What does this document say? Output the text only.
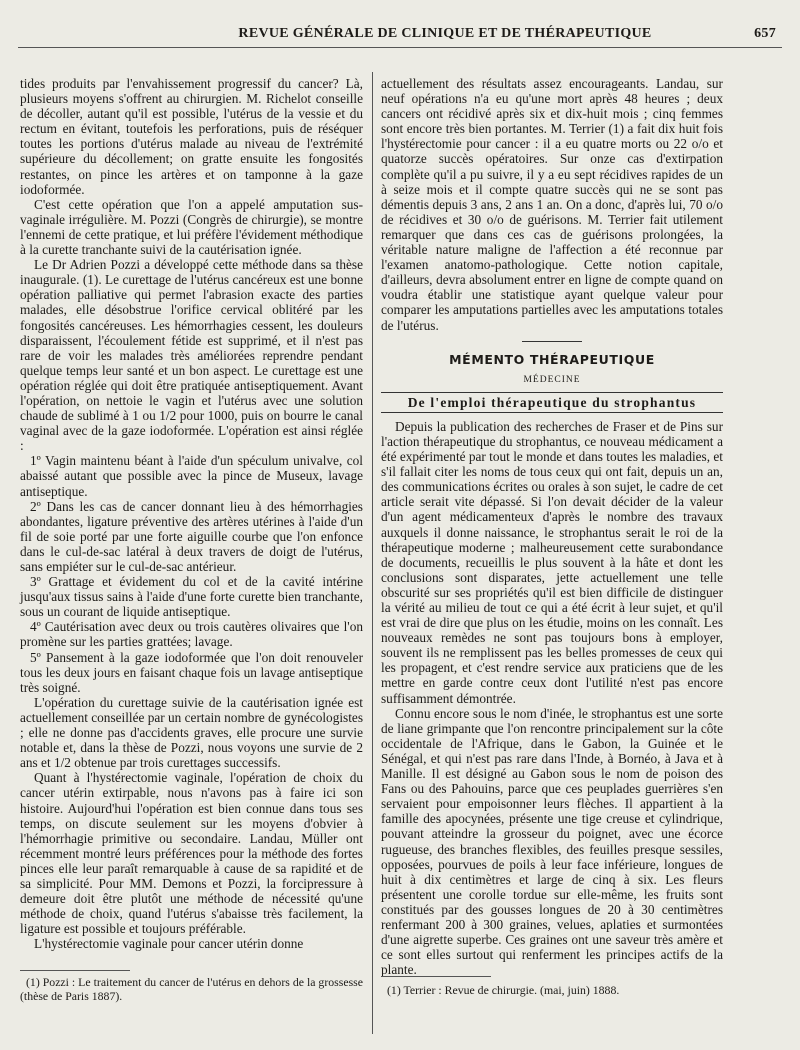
REVUE GÉNÉRALE DE CLINIQUE ET DE THÉRAPEUTIQUE	657

tides produits par l'envahissement progressif du cancer? Là, plusieurs moyens s'offrent au chirurgien. M. Richelot conseille de décoller, autant qu'il est possible, l'utérus de la vessie et du rectum en évitant, toutefois les perforations, puis de réséquer toutes les portions d'utérus malade au niveau de l'extrémité supérieure du décollement; on gratte ensuite les fongosités restantes, on pince les artères et on tamponne à la gaze iodoformée.

C'est cette opération que l'on a appelé amputation sus-vaginale irrégulière. M. Pozzi (Congrès de chirurgie), se montre l'ennemi de cette pratique, et lui préfère l'évidement méthodique à la curette tranchante suivi de la cautérisation ignée.

Le Dr Adrien Pozzi a développé cette méthode dans sa thèse inaugurale. (1). Le curettage de l'utérus cancéreux est une bonne opération palliative qui permet l'abrasion exacte des parties malades, elle désobstrue l'orifice cervical oblitéré par les fongosités cancéreuses. Les hémorrhagies cessent, les douleurs disparaissent, l'écoulement fétide est supprimé, et il n'est pas rare de voir les malades très améliorées reprendre pendant quelque temps leur santé et un bon aspect. Le curettage est une opération réglée qui doit être pratiquée antiseptiquement. Avant l'opération, on nettoie le vagin et l'utérus avec une solution chaude de sublimé à 1 ou 1/2 pour 1000, puis on bourre le canal vaginal avec de la gaze iodoformée. L'opération est ainsi réglée :

1º Vagin maintenu béant à l'aide d'un spéculum univalve, col abaissé autant que possible avec la pince de Museux, lavage antiseptique.

2º Dans les cas de cancer donnant lieu à des hémorrhagies abondantes, ligature préventive des artères utérines à l'aide d'un fil de soie porté par une forte aiguille courbe que l'on enfonce dans le cul-de-sac latéral à deux travers de doigt de l'utérus, sans empiéter sur le cul-de-sac antérieur.

3º Grattage et évidement du col et de la cavité intérine jusqu'aux tissus sains à l'aide d'une forte curette bien tranchante, sous un courant de liquide antiseptique.

4º Cautérisation avec deux ou trois cautères olivaires que l'on promène sur les parties grattées; lavage.

5º Pansement à la gaze iodoformée que l'on doit renouveler tous les deux jours en faisant chaque fois un lavage antiseptique très soigné.

L'opération du curettage suivie de la cautérisation ignée est actuellement conseillée par un certain nombre de gynécologistes ; elle ne donne pas d'accidents graves, elle procure une survie notable et, dans la thèse de Pozzi, nous voyons une survie de 2 ans et 1/2 obtenue par trois curettages successifs.

Quant à l'hystérectomie vaginale, l'opération de choix du cancer utérin extirpable, nous n'avons pas à faire ici son histoire. Aujourd'hui l'opération est bien connue dans tous ses temps, on discute seulement sur les moyens d'obvier à l'hémorrhagie primitive ou secondaire. Landau, Müller ont récemment montré leurs préférences pour la méthode des fortes pinces elle leur paraît remarquable à cause de sa rapidité et de sa simplicité. Pour MM. Demons et Pozzi, la forcipressure à demeure doit être plutôt une méthode de nécessité qu'une méthode de choix, quand l'utérus s'abaisse très facilement, la ligature est possible et toujours préférable.

L'hystérectomie vaginale pour cancer utérin donne

actuellement des résultats assez encourageants. Landau, sur neuf opérations n'a eu qu'une mort après 48 heures ; deux cancers ont récidivé après six et dix-huit mois ; cinq femmes sont encore très bien portantes. M. Terrier (1) a fait dix huit fois l'hystérectomie pour cancer : il a eu quatre morts ou 22 o/o et quatorze succès opératoires. Sur onze cas d'extirpation complète qu'il a pu suivre, il y a eu sept récidives rapides de un à seize mois et il compte quatre succès qui ne se sont pas démentis depuis 3 ans, 2 ans 1 an. On a donc, d'après lui, 70 o/o de récidives et 30 o/o de guérisons. M. Terrier fait utilement remarquer que dans ces cas de guérisons prolongées, la véritable nature maligne de l'affection a été reconnue par l'examen anatomo-pathologique. Cette notion capitale, d'ailleurs, devra absolument entrer en ligne de compte quand on voudra établir une statistique ayant quelque valeur pour comparer les amputations partielles avec les amputations totales de l'utérus.

MÉMENTO THÉRAPEUTIQUE
MÉDECINE
De l'emploi thérapeutique du strophantus

Depuis la publication des recherches de Fraser et de Pins sur l'action thérapeutique du strophantus, ce nouveau médicament a été expérimenté par tout le monde et dans toutes les maladies, et s'il fallait citer les noms de tous ceux qui ont fait, depuis un an, des communications écrites ou orales à son sujet, le cadre de cet article serait vite dépassé. Si l'on devait décider de la valeur d'un agent médicamenteux d'après le nombre des travaux auxquels il donne naissance, le strophantus serait le roi de la thérapeutique moderne ; malheureusement cette surabondance de documents, recueillis le plus souvent à la hâte et dont les conclusions sont disparates, jette actuellement une telle obscurité sur ses propriétés qu'il est bien difficile de distinguer la vérité au milieu de tout ce qui a été écrit à leur sujet, et qu'il est vrai de dire que plus on les étudie, moins on les connaît. Les nouveaux remèdes ne sont pas toujours bons à employer, souvent ils ne remplissent pas les belles promesses de ceux qui les propagent, et c'est rendre service aux praticiens que de les mettre en garde contre ceux dont l'utilité n'est pas encore suffisamment démontrée.

Connu encore sous le nom d'inée, le strophantus est une sorte de liane grimpante que l'on rencontre principalement sur la côte occidentale de l'Afrique, dans le Gabon, la Guinée et le Sénégal, et qui n'est pas rare dans l'Inde, à Bornéo, à Java et à Manille. Il est désigné au Gabon sous le nom de poison des Fans ou des Pahouins, parce que ces peuplades guerrières s'en servaient pour empoisonner leurs flèches. Il appartient à la famille des apocynées, présente une tige creuse et cylindrique, pouvant atteindre la grosseur du poignet, avec une écorce rugueuse, des branches flexibles, des feuilles presque sessiles, opposées, pourvues de poils à leur face inférieure, longues de huit à dix centimètres et large de cinq à six. Les fleurs présentent une corolle tordue sur elle-même, les fruits sont constitués par des gousses longues de 20 à 30 centimètres renfermant 200 à 300 graines, velues, aplaties et surmontées d'une aigrette superbe. Ces graines ont une saveur très amère et ce sont elles surtout qui renferment les principes actifs de la plante.

(1) Pozzi : Le traitement du cancer de l'utérus en dehors de la grossesse (thèse de Paris 1887).	(1) Terrier : Revue de chirurgie. (mai, juin) 1888.
